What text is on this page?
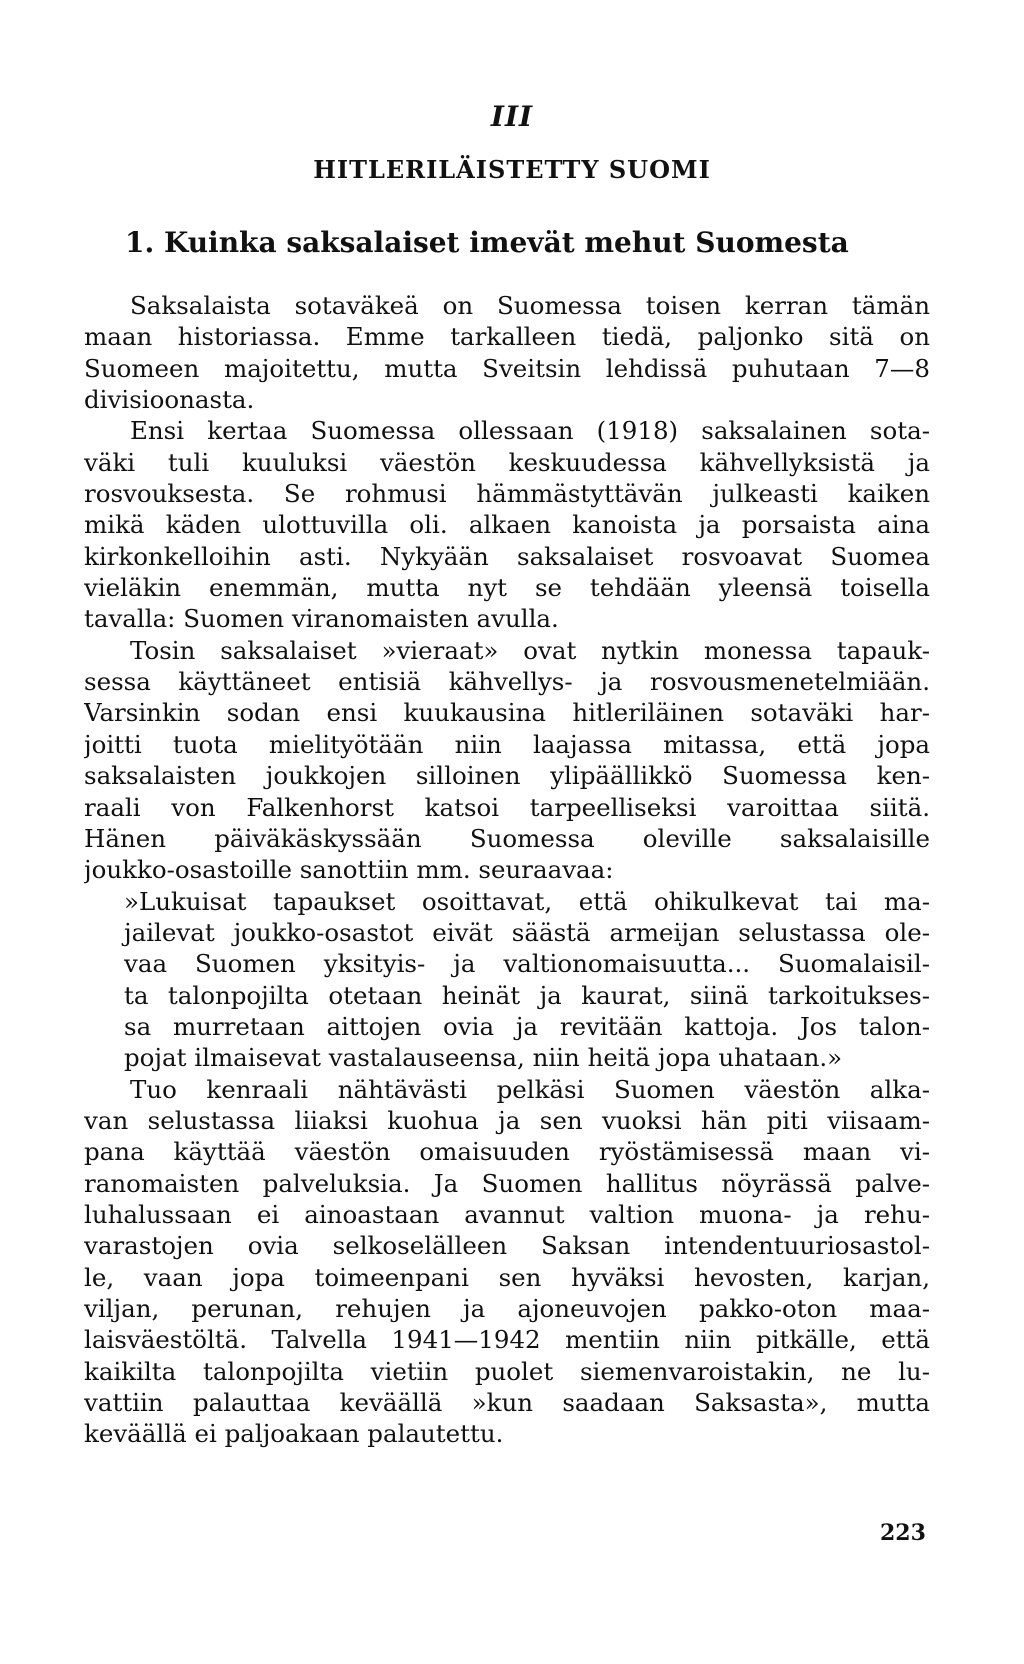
III
HITLERILÄISTETTY SUOMI
1. Kuinka saksalaiset imevät mehut Suomesta
Saksalaista sotaväkeä on Suomessa toisen kerran tämän
maan historiassa. Emme tarkalleen tiedä, paljonko sitä on
Suomeen majoitettu, mutta Sveitsin lehdissä puhutaan 7—8
divisioonasta.
Ensi kertaa Suomessa ollessaan (1918) saksalainen sota-
väki tuli kuuluksi väestön keskuudessa kähvellyksistä ja
rosvouksesta. Se rohmusi hämmästyttävän julkeasti kaiken
mikä käden ulottuvilla oli. alkaen kanoista ja porsaista aina
kirkonkelloihin asti. Nykyään saksalaiset rosvoavat Suomea
vieläkin enemmän, mutta nyt se tehdään yleensä toisella
tavalla: Suomen viranomaisten avulla.
Tosin saksalaiset »vieraat» ovat nytkin monessa tapauk-
sessa käyttäneet entisiä kähvellys- ja rosvousmenetelmiään.
Varsinkin sodan ensi kuukausina hitleriläinen sotaväki har-
joitti tuota mielityötään niin laajassa mitassa, että jopa
saksalaisten joukkojen silloinen ylipäällikkö Suomessa ken-
raali von Falkenhorst katsoi tarpeelliseksi varoittaa siitä.
Hänen päiväkäskyssään Suomessa oleville saksalaisille
joukko-osastoille sanottiin mm. seuraavaa:
»Lukuisat tapaukset osoittavat, että ohikulkevat tai ma-
jailevat joukko-osastot eivät säästä armeijan selustassa ole-
vaa Suomen yksityis- ja valtionomaisuutta... Suomalaisil-
ta talonpojilta otetaan heinät ja kaurat, siinä tarkoitukses-
sa murretaan aittojen ovia ja revitään kattoja. Jos talon-
pojat ilmaisevat vastalauseensa, niin heitä jopa uhataan.»
Tuo kenraali nähtävästi pelkäsi Suomen väestön alka-
van selustassa liiaksi kuohua ja sen vuoksi hän piti viisaam-
pana käyttää väestön omaisuuden ryöstämisessä maan vi-
ranomaisten palveluksia. Ja Suomen hallitus nöyrässä palve-
luhalussaan ei ainoastaan avannut valtion muona- ja rehu-
varastojen ovia selkoselälleen Saksan intendentuuriosastol-
le, vaan jopa toimeenpani sen hyväksi hevosten, karjan,
viljan, perunan, rehujen ja ajoneuvojen pakko-oton maa-
laisväestöltä. Talvella 1941—1942 mentiin niin pitkälle, että
kaikilta talonpojilta vietiin puolet siemenvaroistakin, ne lu-
vattiin palauttaa keväällä »kun saadaan Saksasta», mutta
keväällä ei paljoakaan palautettu.
223
